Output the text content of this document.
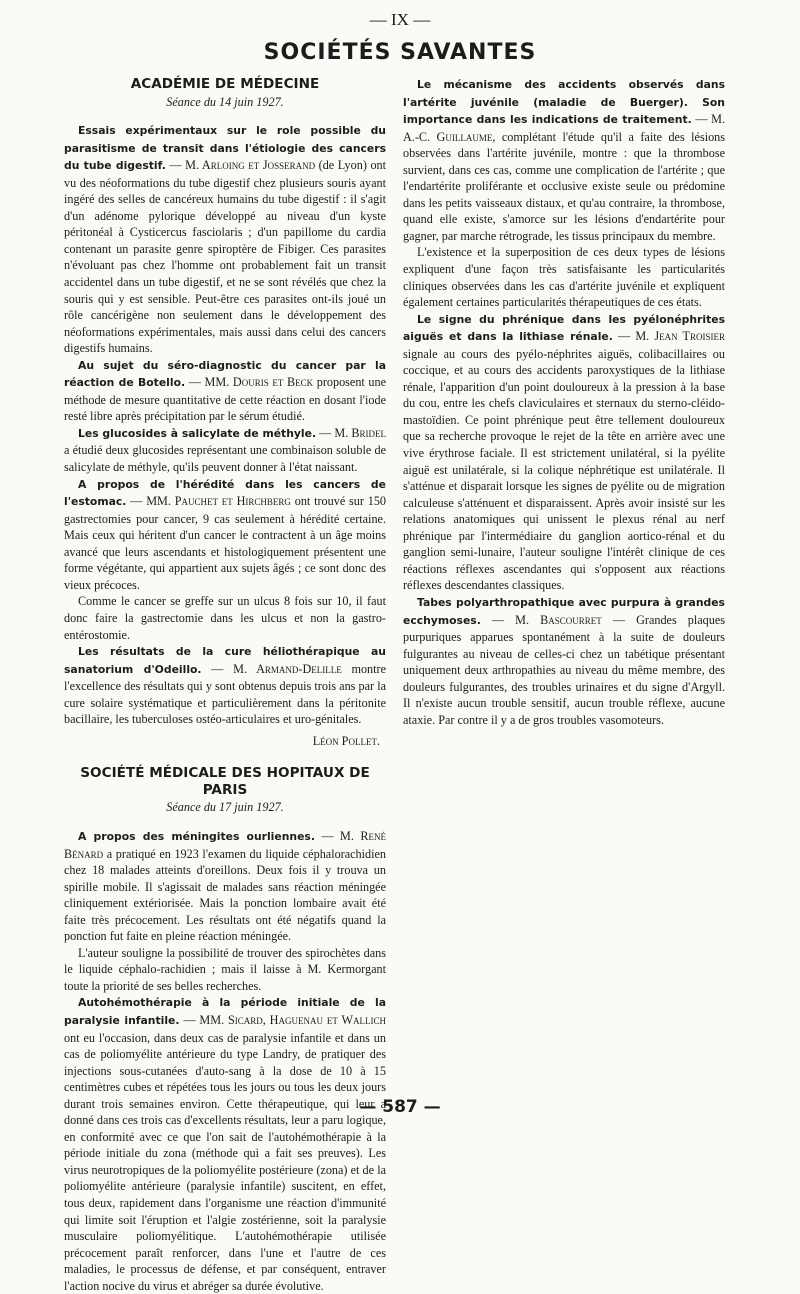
— IX —
SOCIÉTÉS SAVANTES

ACADÉMIE DE MÉDECINE

Séance du 14 juin 1927.

Essais expérimentaux sur le role possible du parasitisme de transit dans l'étiologie des cancers du tube digestif. — M. Arloing et Josserand (de Lyon) ont vu des néoformations du tube digestif chez plusieurs souris ayant ingéré des selles de cancéreux humains du tube digestif : il s'agit d'un adénome pylorique développé au niveau d'un kyste péritonéal à Cysticercus fasciolaris ; d'un papillome du cardia contenant un parasite genre spiroptère de Fibiger. Ces parasites n'évoluant pas chez l'homme ont probablement fait un transit accidentel dans un tube digestif, et ne se sont révélés que chez la souris qui y est sensible. Peut-être ces parasites ont-ils joué un rôle cancérigène non seulement dans le développement des néoformations expérimentales, mais aussi dans celui des cancers digestifs humains.

Au sujet du séro-diagnostic du cancer par la réaction de Botello. — MM. Douris et Beck proposent une méthode de mesure quantitative de cette réaction en dosant l'iode resté libre après précipitation par le sérum étudié.

Les glucosides à salicylate de méthyle. — M. Bridel a étudié deux glucosides représentant une combinaison soluble de salicylate de méthyle, qu'ils peuvent donner à l'état naissant.

A propos de l'hérédité dans les cancers de l'estomac. — MM. Pauchet et Hirchberg ont trouvé sur 150 gastrectomies pour cancer, 9 cas seulement à hérédité certaine. Mais ceux qui héritent d'un cancer le contractent à un âge moins avancé que leurs ascendants et histologiquement présentent une forme végétante, qui appartient aux sujets âgés ; ce sont donc des vieux précoces.

Comme le cancer se greffe sur un ulcus 8 fois sur 10, il faut donc faire la gastrectomie dans les ulcus et non la gastro-entérostomie.

Les résultats de la cure héliothérapique au sanatorium d'Odeillo. — M. Armand-Delille montre l'excellence des résultats qui y sont obtenus depuis trois ans par la cure solaire systématique et particulièrement dans la péritonite bacillaire, les tuberculoses ostéo-articulaires et uro-génitales.

Léon Pollet.

SOCIÉTÉ MÉDICALE DES HOPITAUX DE PARIS

Séance du 17 juin 1927.

A propos des méningites ourliennes. — M. René Bénard a pratiqué en 1923 l'examen du liquide céphalorachidien chez 18 malades atteints d'oreillons. Deux fois il y trouva un spirille mobile. Il s'agissait de malades sans réaction méningée cliniquement extériorisée. Mais la ponction lombaire avait été faite très précocement. Les résultats ont été négatifs quand la ponction fut faite en pleine réaction méningée.

L'auteur souligne la possibilité de trouver des spirochètes dans le liquide céphalo-rachidien ; mais il laisse à M. Kermorgant toute la priorité de ses belles recherches.

Autohémothérapie à la période initiale de la paralysie infantile. — MM. Sicard, Haguenau et Wallich ont eu l'occasion, dans deux cas de paralysie infantile et dans un cas de poliomyélite antérieure du type Landry, de pratiquer des injections sous-cutanées d'auto-sang à la dose de 10 à 15 centimètres cubes et répétées tous les jours ou tous les deux jours durant trois semaines environ. Cette thérapeutique, qui leur a donné dans ces trois cas d'excellents résultats, leur a paru logique, en conformité avec ce que l'on sait de l'autohémothérapie à la période initiale du zona (méthode qui a fait ses preuves). Les virus neurotropiques de la poliomyélite postérieure (zona) et de la poliomyélite antérieure (paralysie infantile) suscitent, en effet, tous deux, rapidement dans l'organisme une réaction d'immunité qui limite soit l'éruption et l'algie zostérienne, soit la paralysie musculaire poliomyélitique. L'autohémothérapie utilisée précocement paraît renforcer, dans l'une et l'autre de ces maladies, le processus de défense, et par conséquent, entraver l'action nocive du virus et abréger sa durée évolutive.

Le mécanisme des accidents observés dans l'artérite juvénile (maladie de Buerger). Son importance dans les indications de traitement. — M. A.-C. Guillaume, complétant l'étude qu'il a faite des lésions observées dans l'artérite juvénile, montre : que la thrombose survient, dans ces cas, comme une complication de l'artérite ; que l'endartérite proliférante et occlusive existe seule ou prédomine dans les petits vaisseaux distaux, et qu'au contraire, la thrombose, quand elle existe, s'amorce sur les lésions d'endartérite pour gagner, par marche rétrograde, les tissus principaux du membre.

L'existence et la superposition de ces deux types de lésions expliquent d'une façon très satisfaisante les particularités cliniques observées dans les cas d'artérite juvénile et expliquent également certaines particularités thérapeutiques de ces états.

Le signe du phrénique dans les pyélonéphrites aiguës et dans la lithiase rénale. — M. Jean Troisier signale au cours des pyélo-néphrites aiguës, colibacillaires ou coccique, et au cours des accidents paroxystiques de la lithiase rénale, l'apparition d'un point douloureux à la pression à la base du cou, entre les chefs claviculaires et sternaux du sterno-cléido-mastoïdien. Ce point phrénique peut être tellement douloureux que sa recherche provoque le rejet de la tête en arrière avec une vive érythrose faciale. Il est strictement unilatéral, si la pyélite aiguë est unilatérale, si la colique néphrétique est unilatérale. Il s'atténue et disparait lorsque les signes de pyélite ou de migration calculeuse s'atténuent et disparaissent. Après avoir insisté sur les relations anatomiques qui unissent le plexus rénal au nerf phrénique par l'intermédiaire du ganglion aortico-rénal et du ganglion semi-lunaire, l'auteur souligne l'intérêt clinique de ces réactions réflexes ascendantes qui s'opposent aux réactions réflexes descendantes classiques.

Tabes polyarthropathique avec purpura à grandes ecchymoses. — M. Bascourret — Grandes plaques purpuriques apparues spontanément à la suite de douleurs fulgurantes au niveau de celles-ci chez un tabétique présentant uniquement deux arthropathies au niveau du même membre, des douleurs fulgurantes, des troubles urinaires et du signe d'Argyll. Il n'existe aucun trouble sensitif, aucun trouble réflexe, aucune ataxie. Par contre il y a de gros troubles vasomoteurs.

— 587 —
